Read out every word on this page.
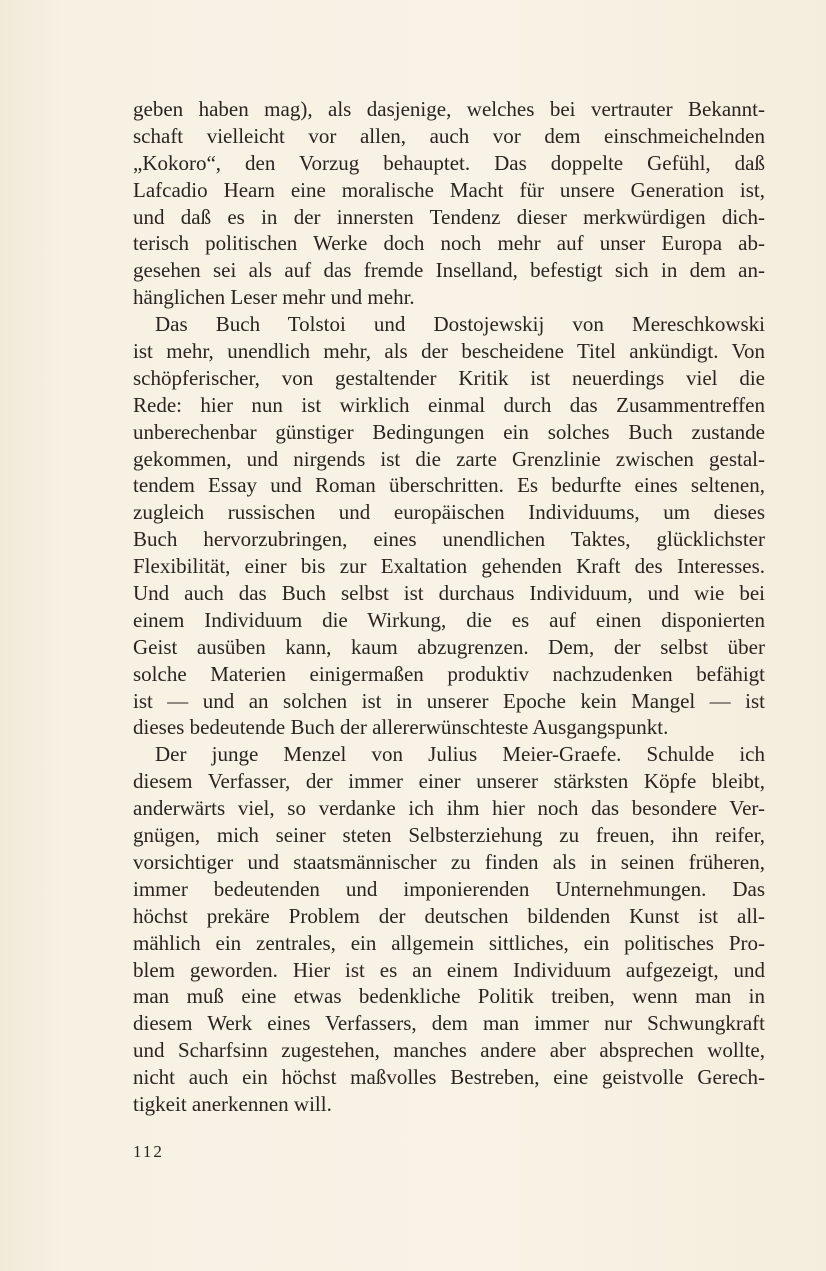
geben haben mag), als dasjenige, welches bei vertrauter Bekannt-
schaft vielleicht vor allen, auch vor dem einschmeichelnden
„Kokoro“, den Vorzug behauptet. Das doppelte Gefühl, daß
Lafcadio Hearn eine moralische Macht für unsere Generation ist,
und daß es in der innersten Tendenz dieser merkwürdigen dich-
terisch politischen Werke doch noch mehr auf unser Europa ab-
gesehen sei als auf das fremde Inselland, befestigt sich in dem an-
hänglichen Leser mehr und mehr.
Das Buch Tolstoi und Dostojewskij von Mereschkowski
ist mehr, unendlich mehr, als der bescheidene Titel ankündigt. Von
schöpferischer, von gestaltender Kritik ist neuerdings viel die
Rede: hier nun ist wirklich einmal durch das Zusammentreffen
unberechenbar günstiger Bedingungen ein solches Buch zustande
gekommen, und nirgends ist die zarte Grenzlinie zwischen gestal-
tendem Essay und Roman überschritten. Es bedurfte eines seltenen,
zugleich russischen und europäischen Individuums, um dieses
Buch hervorzubringen, eines unendlichen Taktes, glücklichster
Flexibilität, einer bis zur Exaltation gehenden Kraft des Interesses.
Und auch das Buch selbst ist durchaus Individuum, und wie bei
einem Individuum die Wirkung, die es auf einen disponierten
Geist ausüben kann, kaum abzugrenzen. Dem, der selbst über
solche Materien einigermaßen produktiv nachzudenken befähigt
ist — und an solchen ist in unserer Epoche kein Mangel — ist
dieses bedeutende Buch der allererwünschteste Ausgangspunkt.
Der junge Menzel von Julius Meier-Graefe. Schulde ich
diesem Verfasser, der immer einer unserer stärksten Köpfe bleibt,
anderwärts viel, so verdanke ich ihm hier noch das besondere Ver-
gnügen, mich seiner steten Selbsterziehung zu freuen, ihn reifer,
vorsichtiger und staatsmännischer zu finden als in seinen früheren,
immer bedeutenden und imponierenden Unternehmungen. Das
höchst prekäre Problem der deutschen bildenden Kunst ist all-
mählich ein zentrales, ein allgemein sittliches, ein politisches Pro-
blem geworden. Hier ist es an einem Individuum aufgezeigt, und
man muß eine etwas bedenkliche Politik treiben, wenn man in
diesem Werk eines Verfassers, dem man immer nur Schwungkraft
und Scharfsinn zugestehen, manches andere aber absprechen wollte,
nicht auch ein höchst maßvolles Bestreben, eine geistvolle Gerech-
tigkeit anerkennen will.
112
